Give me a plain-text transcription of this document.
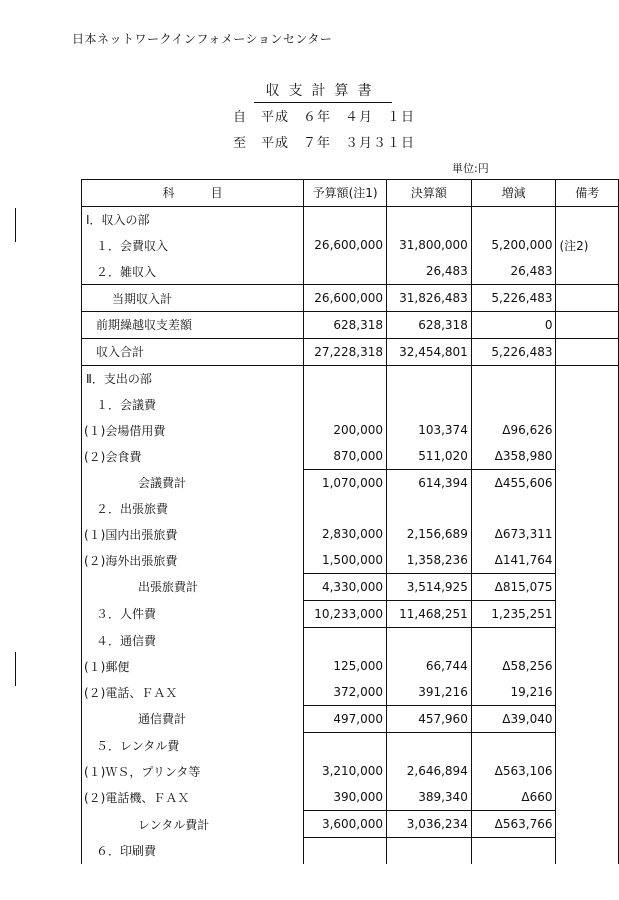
日本ネットワークインフォメーションセンター
収支計算書
自　平成　６年　４月　１日
至　平成　７年　３月３１日
単位:円
科　　　目	予算額(注1)	決算額	増減	備考
Ⅰ．収入の部				
１．会費収入	26,600,000	31,800,000	5,200,000	(注2)
２．雑収入		26,483	26,483	
当期収入計	26,600,000	31,826,483	5,226,483	
前期繰越収支差額	628,318	628,318	0	
収入合計	27,228,318	32,454,801	5,226,483	
Ⅱ．支出の部				
１．会議費				
(１)会場借用費	200,000	103,374	Δ96,626	
(２)会食費	870,000	511,020	Δ358,980	
会議費計	1,070,000	614,394	Δ455,606	
２．出張旅費				
(１)国内出張旅費	2,830,000	2,156,689	Δ673,311	
(２)海外出張旅費	1,500,000	1,358,236	Δ141,764	
出張旅費計	4,330,000	3,514,925	Δ815,075	
３．人件費	10,233,000	11,468,251	1,235,251	
４．通信費				
(１)郵便	125,000	66,744	Δ58,256	
(２)電話、ＦＡＸ	372,000	391,216	19,216	
通信費計	497,000	457,960	Δ39,040	
５．レンタル費				
(１)ＷＳ，プリンタ等	3,210,000	2,646,894	Δ563,106	
(２)電話機、ＦＡＸ	390,000	389,340	Δ660	
レンタル費計	3,600,000	3,036,234	Δ563,766	
６．印刷費				
